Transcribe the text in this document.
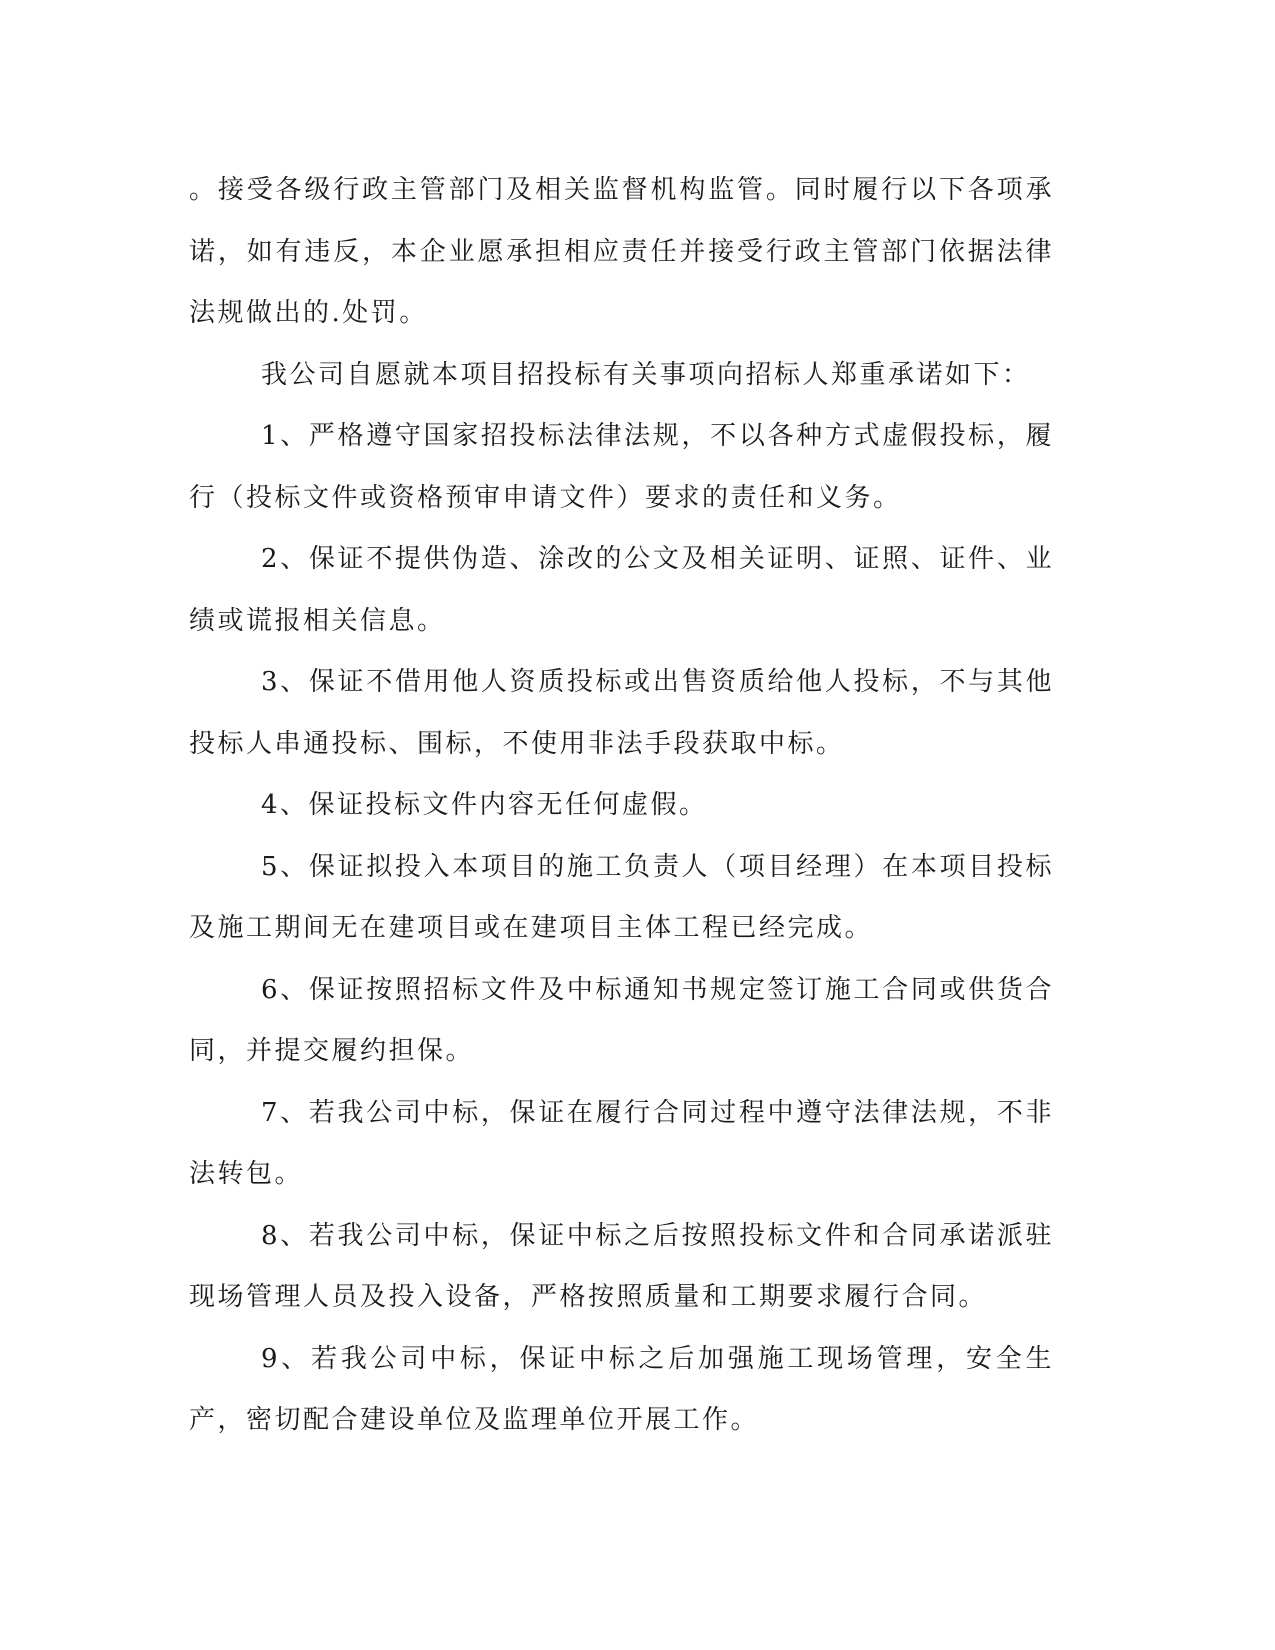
。接受各级行政主管部门及相关监督机构监管。同时履行以下各项承诺，如有违反，本企业愿承担相应责任并接受行政主管部门依据法律法规做出的.处罚。

我公司自愿就本项目招投标有关事项向招标人郑重承诺如下：

1、严格遵守国家招投标法律法规，不以各种方式虚假投标，履行（投标文件或资格预审申请文件）要求的责任和义务。

2、保证不提供伪造、涂改的公文及相关证明、证照、证件、业绩或谎报相关信息。

3、保证不借用他人资质投标或出售资质给他人投标，不与其他投标人串通投标、围标，不使用非法手段获取中标。

4、保证投标文件内容无任何虚假。

5、保证拟投入本项目的施工负责人（项目经理）在本项目投标及施工期间无在建项目或在建项目主体工程已经完成。

6、保证按照招标文件及中标通知书规定签订施工合同或供货合同，并提交履约担保。

7、若我公司中标，保证在履行合同过程中遵守法律法规，不非法转包。

8、若我公司中标，保证中标之后按照投标文件和合同承诺派驻现场管理人员及投入设备，严格按照质量和工期要求履行合同。

9、若我公司中标，保证中标之后加强施工现场管理，安全生产，密切配合建设单位及监理单位开展工作。
